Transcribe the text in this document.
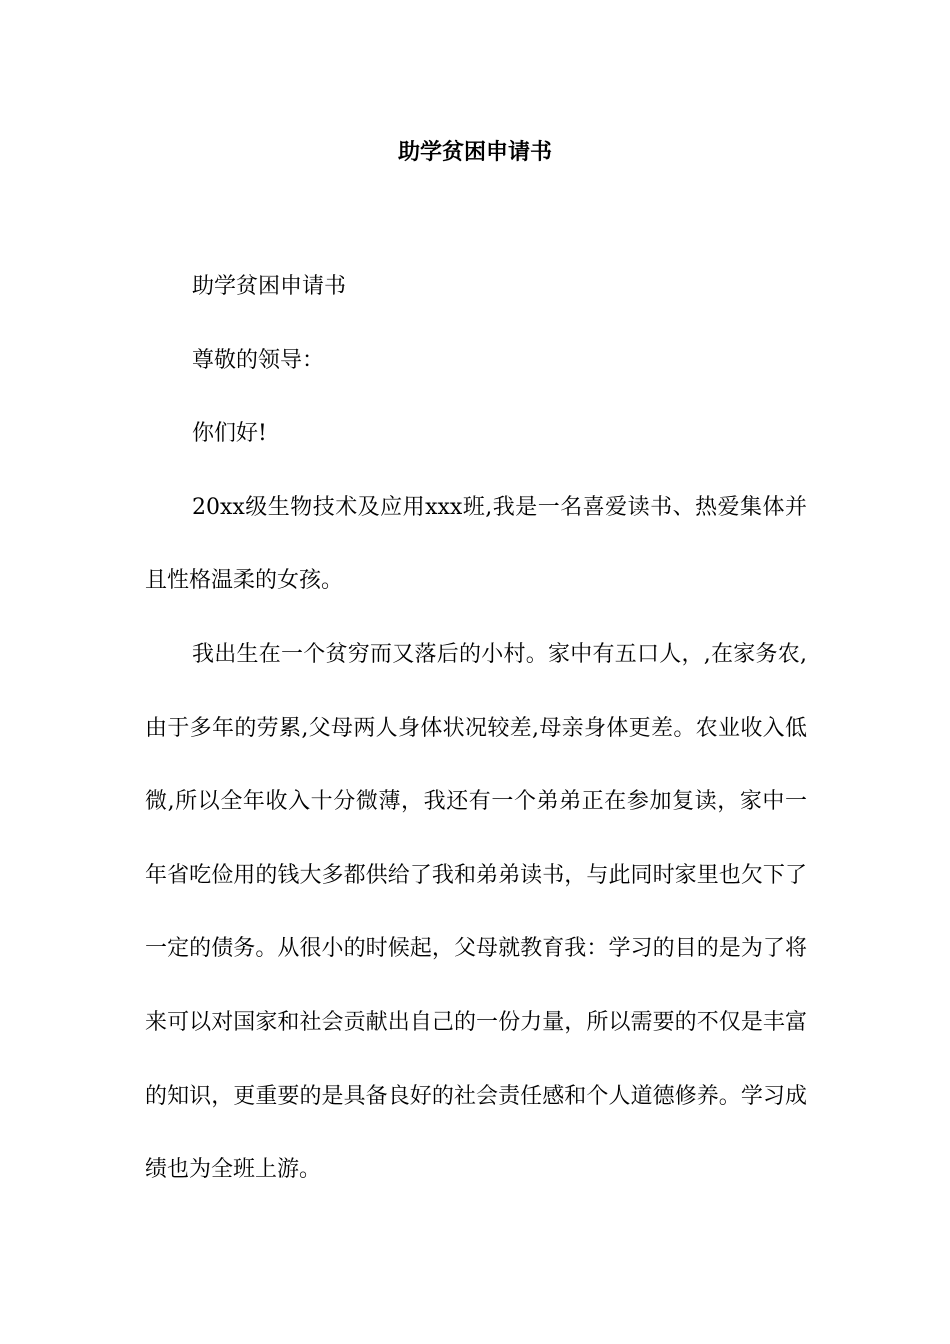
助学贫困申请书

助学贫困申请书

尊敬的领导：

你们好!

20xx级生物技术及应用xxx班,我是一名喜爱读书、热爱集体并且性格温柔的女孩。

我出生在一个贫穷而又落后的小村。家中有五口人，,在家务农,由于多年的劳累,父母两人身体状况较差,母亲身体更差。农业收入低微,所以全年收入十分微薄，我还有一个弟弟正在参加复读，家中一年省吃俭用的钱大多都供给了我和弟弟读书，与此同时家里也欠下了一定的债务。从很小的时候起，父母就教育我：学习的目的是为了将来可以对国家和社会贡献出自己的一份力量，所以需要的不仅是丰富的知识，更重要的是具备良好的社会责任感和个人道德修养。学习成绩也为全班上游。
